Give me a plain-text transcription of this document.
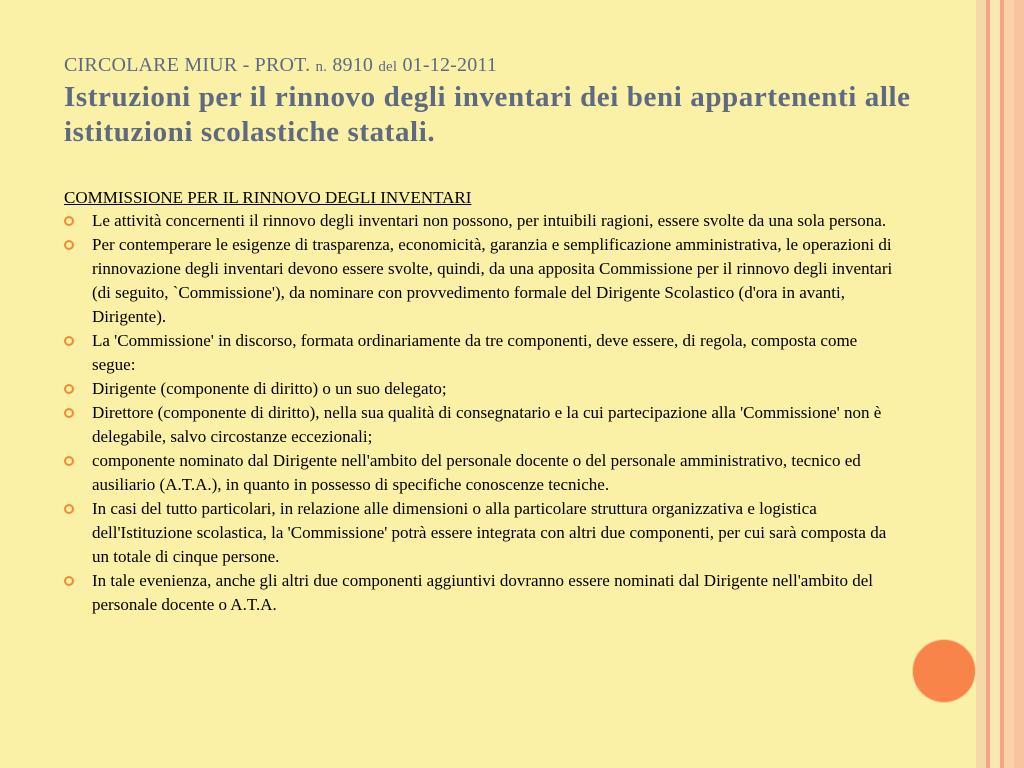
CIRCOLARE MIUR - PROT. n. 8910 del 01-12-2011
Istruzioni per il rinnovo degli inventari dei beni appartenenti alle istituzioni scolastiche statali.
COMMISSIONE PER IL RINNOVO DEGLI INVENTARI
Le attività concernenti il rinnovo degli inventari non possono, per intuibili ragioni, essere svolte da una sola persona.
Per contemperare le esigenze di trasparenza, economicità, garanzia e semplificazione amministrativa, le operazioni di rinnovazione degli inventari devono essere svolte, quindi, da una apposita Commissione per il rinnovo degli inventari (di seguito, `Commissione'), da nominare con provvedimento formale del Dirigente Scolastico (d'ora in avanti, Dirigente).
La 'Commissione' in discorso, formata ordinariamente da tre componenti, deve essere, di regola, composta come segue:
Dirigente (componente di diritto) o un suo delegato;
Direttore (componente di diritto), nella sua qualità di consegnatario e la cui partecipazione alla 'Commissione' non è delegabile, salvo circostanze eccezionali;
componente nominato dal Dirigente nell'ambito del personale docente o del personale amministrativo, tecnico ed ausiliario (A.T.A.), in quanto in possesso di specifiche conoscenze tecniche.
In casi del tutto particolari, in relazione alle dimensioni o alla particolare struttura organizzativa e logistica dell'Istituzione scolastica, la 'Commissione' potrà essere integrata con altri due componenti, per cui sarà composta da un totale di cinque persone.
In tale evenienza, anche gli altri due componenti aggiuntivi dovranno essere nominati dal Dirigente nell'ambito del personale docente o A.T.A.
